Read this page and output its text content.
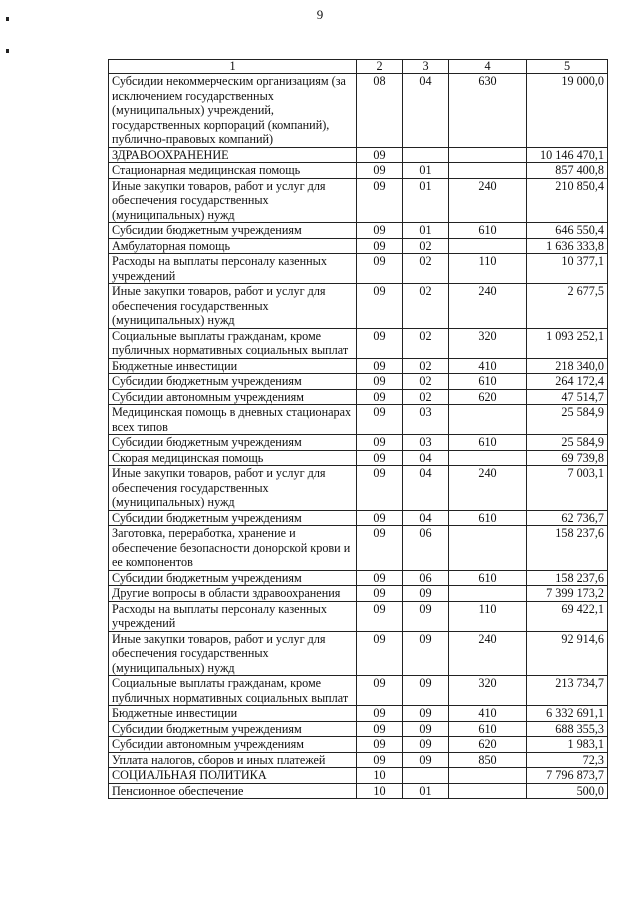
9
1	2	3	4	5
Субсидии некоммерческим организациям (за исключением государственных (муниципальных) учреждений, государственных корпораций (компаний), публично-правовых компаний)	08	04	630	19 000,0
ЗДРАВООХРАНЕНИЕ	09			10 146 470,1
Стационарная медицинская помощь	09	01		857 400,8
Иные закупки товаров, работ и услуг для обеспечения государственных (муниципальных) нужд	09	01	240	210 850,4
Субсидии бюджетным учреждениям	09	01	610	646 550,4
Амбулаторная помощь	09	02		1 636 333,8
Расходы на выплаты персоналу казенных учреждений	09	02	110	10 377,1
Иные закупки товаров, работ и услуг для обеспечения государственных (муниципальных) нужд	09	02	240	2 677,5
Социальные выплаты гражданам, кроме публичных нормативных социальных выплат	09	02	320	1 093 252,1
Бюджетные инвестиции	09	02	410	218 340,0
Субсидии бюджетным учреждениям	09	02	610	264 172,4
Субсидии автономным учреждениям	09	02	620	47 514,7
Медицинская помощь в дневных стационарах всех типов	09	03		25 584,9
Субсидии бюджетным учреждениям	09	03	610	25 584,9
Скорая медицинская помощь	09	04		69 739,8
Иные закупки товаров, работ и услуг для обеспечения государственных (муниципальных) нужд	09	04	240	7 003,1
Субсидии бюджетным учреждениям	09	04	610	62 736,7
Заготовка, переработка, хранение и обеспечение безопасности донорской крови и ее компонентов	09	06		158 237,6
Субсидии бюджетным учреждениям	09	06	610	158 237,6
Другие вопросы в области здравоохранения	09	09		7 399 173,2
Расходы на выплаты персоналу казенных учреждений	09	09	110	69 422,1
Иные закупки товаров, работ и услуг для обеспечения государственных (муниципальных) нужд	09	09	240	92 914,6
Социальные выплаты гражданам, кроме публичных нормативных социальных выплат	09	09	320	213 734,7
Бюджетные инвестиции	09	09	410	6 332 691,1
Субсидии бюджетным учреждениям	09	09	610	688 355,3
Субсидии автономным учреждениям	09	09	620	1 983,1
Уплата налогов, сборов и иных платежей	09	09	850	72,3
СОЦИАЛЬНАЯ ПОЛИТИКА	10			7 796 873,7
Пенсионное обеспечение	10	01		500,0
